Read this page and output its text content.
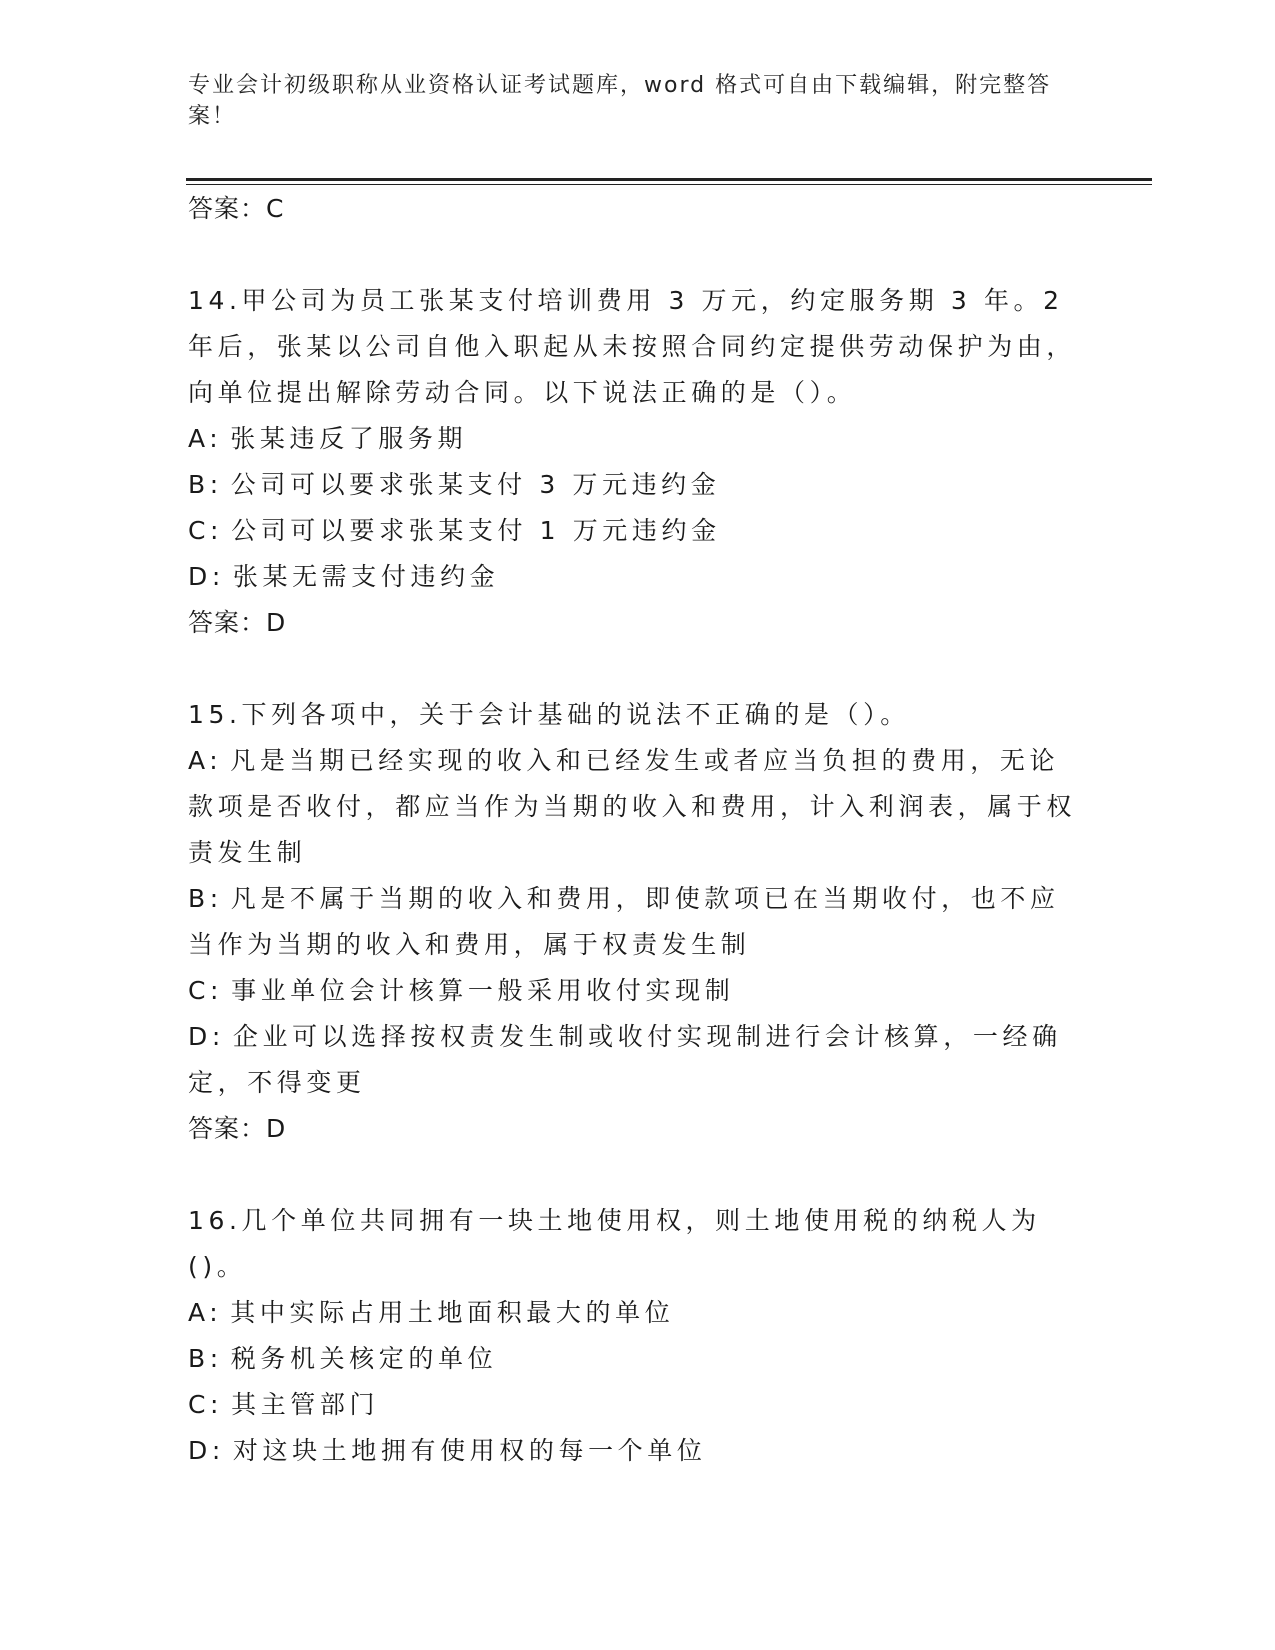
专业会计初级职称从业资格认证考试题库，word 格式可自由下载编辑，附完整答案！

答案：C

14.甲公司为员工张某支付培训费用 3 万元，约定服务期 3 年。2 年后，张某以公司自他入职起从未按照合同约定提供劳动保护为由，向单位提出解除劳动合同。以下说法正确的是（）。

A: 张某违反了服务期

B: 公司可以要求张某支付 3 万元违约金

C: 公司可以要求张某支付 1 万元违约金

D: 张某无需支付违约金

答案：D

15.下列各项中，关于会计基础的说法不正确的是（）。

A: 凡是当期已经实现的收入和已经发生或者应当负担的费用，无论款项是否收付，都应当作为当期的收入和费用，计入利润表，属于权责发生制

B: 凡是不属于当期的收入和费用，即使款项已在当期收付，也不应当作为当期的收入和费用，属于权责发生制

C: 事业单位会计核算一般采用收付实现制

D: 企业可以选择按权责发生制或收付实现制进行会计核算，一经确定，不得变更

答案：D

16.几个单位共同拥有一块土地使用权，则土地使用税的纳税人为()。

A: 其中实际占用土地面积最大的单位

B: 税务机关核定的单位

C: 其主管部门

D: 对这块土地拥有使用权的每一个单位
